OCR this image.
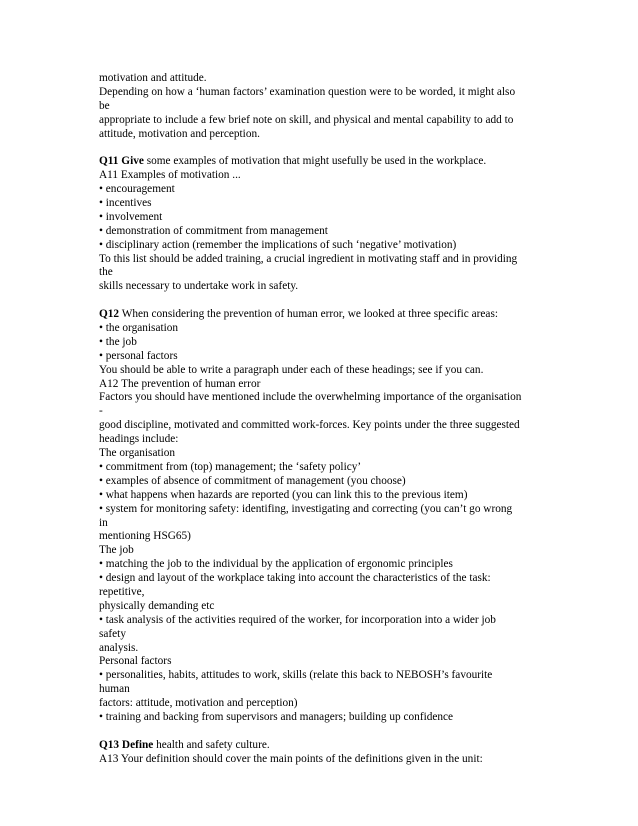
motivation and attitude.
Depending on how a ‘human factors’ examination question were to be worded, it might also
be
appropriate to include a few brief note on skill, and physical and mental capability to add to
attitude, motivation and perception.
Q11 Give some examples of motivation that might usefully be used in the workplace.
A11 Examples of motivation ...
• encouragement
• incentives
• involvement
• demonstration of commitment from management
• disciplinary action (remember the implications of such ‘negative’ motivation)
To this list should be added training, a crucial ingredient in motivating staff and in providing
the
skills necessary to undertake work in safety.
Q12 When considering the prevention of human error, we looked at three specific areas:
• the organisation
• the job
• personal factors
You should be able to write a paragraph under each of these headings; see if you can.
A12 The prevention of human error
Factors you should have mentioned include the overwhelming importance of the organisation
-
good discipline, motivated and committed work-forces. Key points under the three suggested
headings include:
The organisation
• commitment from (top) management; the ‘safety policy’
• examples of absence of commitment of management (you choose)
• what happens when hazards are reported (you can link this to the previous item)
• system for monitoring safety: identifing, investigating and correcting (you can’t go wrong
in
mentioning HSG65)
The job
• matching the job to the individual by the application of ergonomic principles
• design and layout of the workplace taking into account the characteristics of the task:
repetitive,
physically demanding etc
• task analysis of the activities required of the worker, for incorporation into a wider job
safety
analysis.
Personal factors
• personalities, habits, attitudes to work, skills (relate this back to NEBOSH’s favourite
human
factors: attitude, motivation and perception)
• training and backing from supervisors and managers; building up confidence
Q13 Define health and safety culture.
A13 Your definition should cover the main points of the definitions given in the unit:
